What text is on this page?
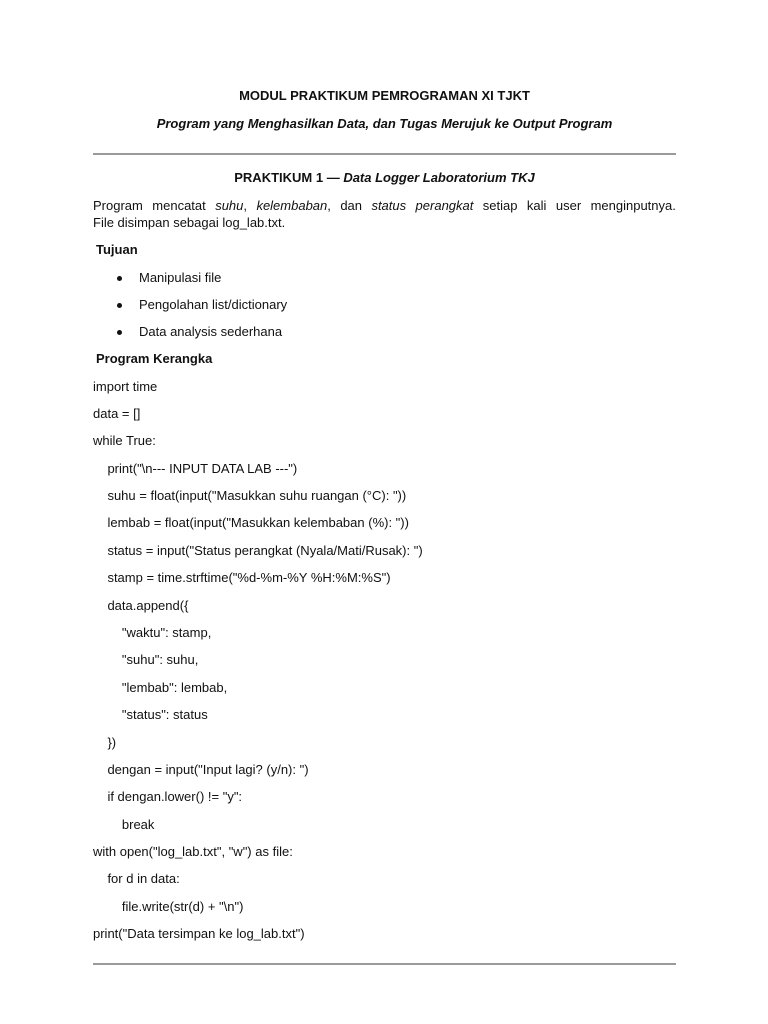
MODUL PRAKTIKUM PEMROGRAMAN XI TJKT
Program yang Menghasilkan Data, dan Tugas Merujuk ke Output Program
PRAKTIKUM 1 — Data Logger Laboratorium TKJ
Program mencatat suhu, kelembaban, dan status perangkat setiap kali user menginputnya.
File disimpan sebagai log_lab.txt.
Tujuan
Manipulasi file
Pengolahan list/dictionary
Data analysis sederhana
Program Kerangka
import time
data = []
while True:
print("\n--- INPUT DATA LAB ---")
suhu = float(input("Masukkan suhu ruangan (°C): "))
lembab = float(input("Masukkan kelembaban (%): "))
status = input("Status perangkat (Nyala/Mati/Rusak): ")
stamp = time.strftime("%d-%m-%Y %H:%M:%S")
data.append({
"waktu": stamp,
"suhu": suhu,
"lembab": lembab,
"status": status
})
dengan = input("Input lagi? (y/n): ")
if dengan.lower() != "y":
break
with open("log_lab.txt", "w") as file:
for d in data:
file.write(str(d) + "\n")
print("Data tersimpan ke log_lab.txt")
